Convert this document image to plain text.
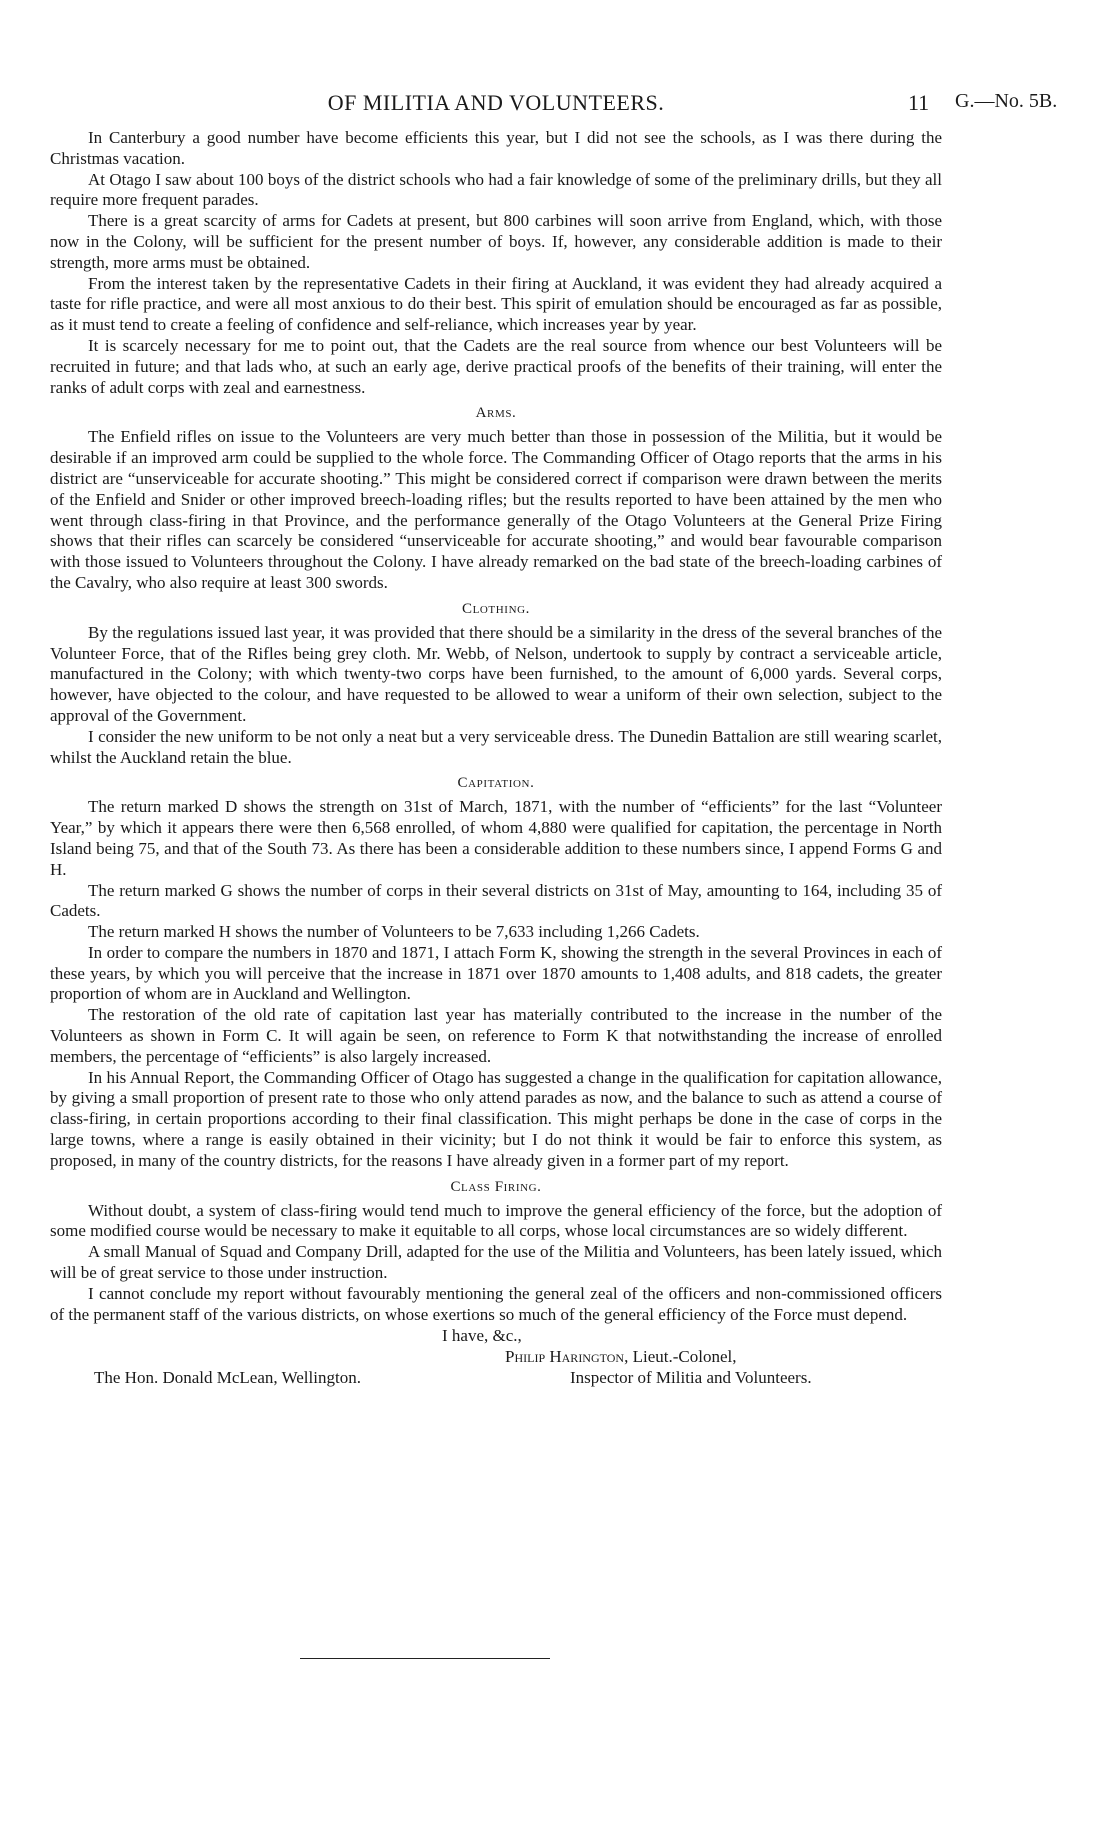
OF MILITIA AND VOLUNTEERS.	11 G.—No. 5B.

In Canterbury a good number have become efficients this year, but I did not see the schools, as I was there during the Christmas vacation.

At Otago I saw about 100 boys of the district schools who had a fair knowledge of some of the preliminary drills, but they all require more frequent parades.

There is a great scarcity of arms for Cadets at present, but 800 carbines will soon arrive from England, which, with those now in the Colony, will be sufficient for the present number of boys. If, however, any considerable addition is made to their strength, more arms must be obtained.

From the interest taken by the representative Cadets in their firing at Auckland, it was evident they had already acquired a taste for rifle practice, and were all most anxious to do their best. This spirit of emulation should be encouraged as far as possible, as it must tend to create a feeling of confidence and self-reliance, which increases year by year.

It is scarcely necessary for me to point out, that the Cadets are the real source from whence our best Volunteers will be recruited in future; and that lads who, at such an early age, derive practical proofs of the benefits of their training, will enter the ranks of adult corps with zeal and earnestness.

Arms.

The Enfield rifles on issue to the Volunteers are very much better than those in possession of the Militia, but it would be desirable if an improved arm could be supplied to the whole force. The Commanding Officer of Otago reports that the arms in his district are “unserviceable for accurate shooting.” This might be considered correct if comparison were drawn between the merits of the Enfield and Snider or other improved breech-loading rifles; but the results reported to have been attained by the men who went through class-firing in that Province, and the performance generally of the Otago Volunteers at the General Prize Firing shows that their rifles can scarcely be considered “unserviceable for accurate shooting,” and would bear favourable comparison with those issued to Volunteers throughout the Colony. I have already remarked on the bad state of the breech-loading carbines of the Cavalry, who also require at least 300 swords.

Clothing.

By the regulations issued last year, it was provided that there should be a similarity in the dress of the several branches of the Volunteer Force, that of the Rifles being grey cloth. Mr. Webb, of Nelson, undertook to supply by contract a serviceable article, manufactured in the Colony; with which twenty-two corps have been furnished, to the amount of 6,000 yards. Several corps, however, have objected to the colour, and have requested to be allowed to wear a uniform of their own selection, subject to the approval of the Government.

I consider the new uniform to be not only a neat but a very serviceable dress. The Dunedin Battalion are still wearing scarlet, whilst the Auckland retain the blue.

Capitation.

The return marked D shows the strength on 31st of March, 1871, with the number of “efficients” for the last “Volunteer Year,” by which it appears there were then 6,568 enrolled, of whom 4,880 were qualified for capitation, the percentage in North Island being 75, and that of the South 73. As there has been a considerable addition to these numbers since, I append Forms G and H.

The return marked G shows the number of corps in their several districts on 31st of May, amounting to 164, including 35 of Cadets.

The return marked H shows the number of Volunteers to be 7,633 including 1,266 Cadets.

In order to compare the numbers in 1870 and 1871, I attach Form K, showing the strength in the several Provinces in each of these years, by which you will perceive that the increase in 1871 over 1870 amounts to 1,408 adults, and 818 cadets, the greater proportion of whom are in Auckland and Wellington.

The restoration of the old rate of capitation last year has materially contributed to the increase in the number of the Volunteers as shown in Form C. It will again be seen, on reference to Form K that notwithstanding the increase of enrolled members, the percentage of “efficients” is also largely increased.

In his Annual Report, the Commanding Officer of Otago has suggested a change in the qualification for capitation allowance, by giving a small proportion of present rate to those who only attend parades as now, and the balance to such as attend a course of class-firing, in certain proportions according to their final classification. This might perhaps be done in the case of corps in the large towns, where a range is easily obtained in their vicinity; but I do not think it would be fair to enforce this system, as proposed, in many of the country districts, for the reasons I have already given in a former part of my report.

Class Firing.

Without doubt, a system of class-firing would tend much to improve the general efficiency of the force, but the adoption of some modified course would be necessary to make it equitable to all corps, whose local circumstances are so widely different.

A small Manual of Squad and Company Drill, adapted for the use of the Militia and Volunteers, has been lately issued, which will be of great service to those under instruction.

I cannot conclude my report without favourably mentioning the general zeal of the officers and non-commissioned officers of the permanent staff of the various districts, on whose exertions so much of the general efficiency of the Force must depend.

I have, &c.,
Philip Harington, Lieut.-Colonel,
The Hon. Donald McLean, Wellington.	Inspector of Militia and Volunteers.
